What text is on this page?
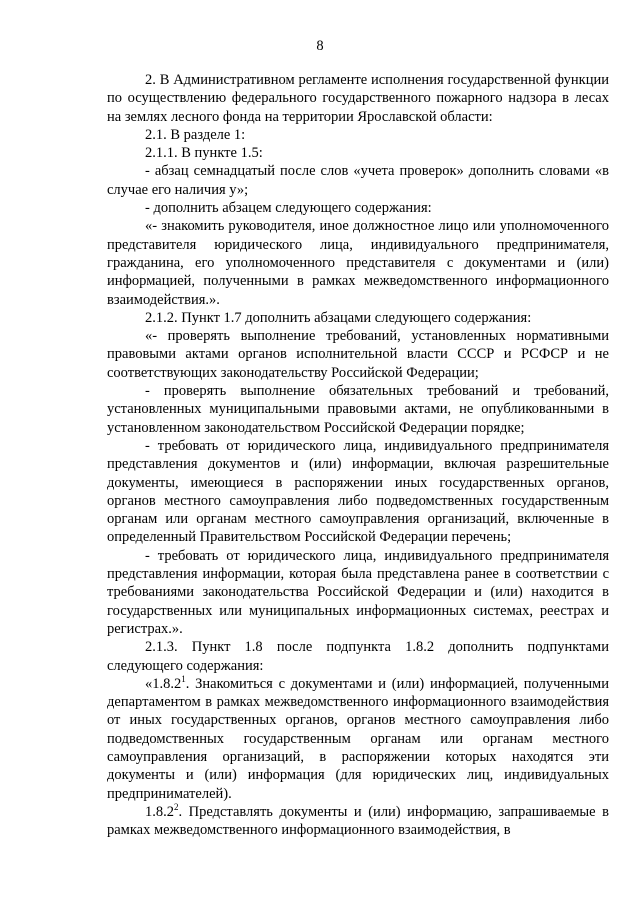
8

2. В Административном регламенте исполнения государственной функции по осуществлению федерального государственного пожарного надзора в лесах на землях лесного фонда на территории Ярославской области:

2.1. В разделе 1:

2.1.1. В пункте 1.5:

- абзац семнадцатый после слов «учета проверок» дополнить словами «в случае его наличия у»;

- дополнить абзацем следующего содержания:

«- знакомить руководителя, иное должностное лицо или уполномоченного представителя юридического лица, индивидуального предпринимателя, гражданина, его уполномоченного представителя с документами и (или) информацией, полученными в рамках межведомственного информационного взаимодействия.».

2.1.2. Пункт 1.7 дополнить абзацами следующего содержания:

«- проверять выполнение требований, установленных нормативными правовыми актами органов исполнительной власти СССР и РСФСР и не соответствующих законодательству Российской Федерации;

- проверять выполнение обязательных требований и требований, установленных муниципальными правовыми актами, не опубликованными в установленном законодательством Российской Федерации порядке;

- требовать от юридического лица, индивидуального предпринимателя представления документов и (или) информации, включая разрешительные документы, имеющиеся в распоряжении иных государственных органов, органов местного самоуправления либо подведомственных государственным органам или органам местного самоуправления организаций, включенные в определенный Правительством Российской Федерации перечень;

- требовать от юридического лица, индивидуального предпринимателя представления информации, которая была представлена ранее в соответствии с требованиями законодательства Российской Федерации и (или) находится в государственных или муниципальных информационных системах, реестрах и регистрах.».

2.1.3. Пункт 1.8 после подпункта 1.8.2 дополнить подпунктами следующего содержания:

«1.8.2$^1$. Знакомиться с документами и (или) информацией, полученными департаментом в рамках межведомственного информационного взаимодействия от иных государственных органов, органов местного самоуправления либо подведомственных государственным органам или органам местного самоуправления организаций, в распоряжении которых находятся эти документы и (или) информация (для юридических лиц, индивидуальных предпринимателей).

1.8.2$^2$. Представлять документы и (или) информацию, запрашиваемые в рамках межведомственного информационного взаимодействия, в
